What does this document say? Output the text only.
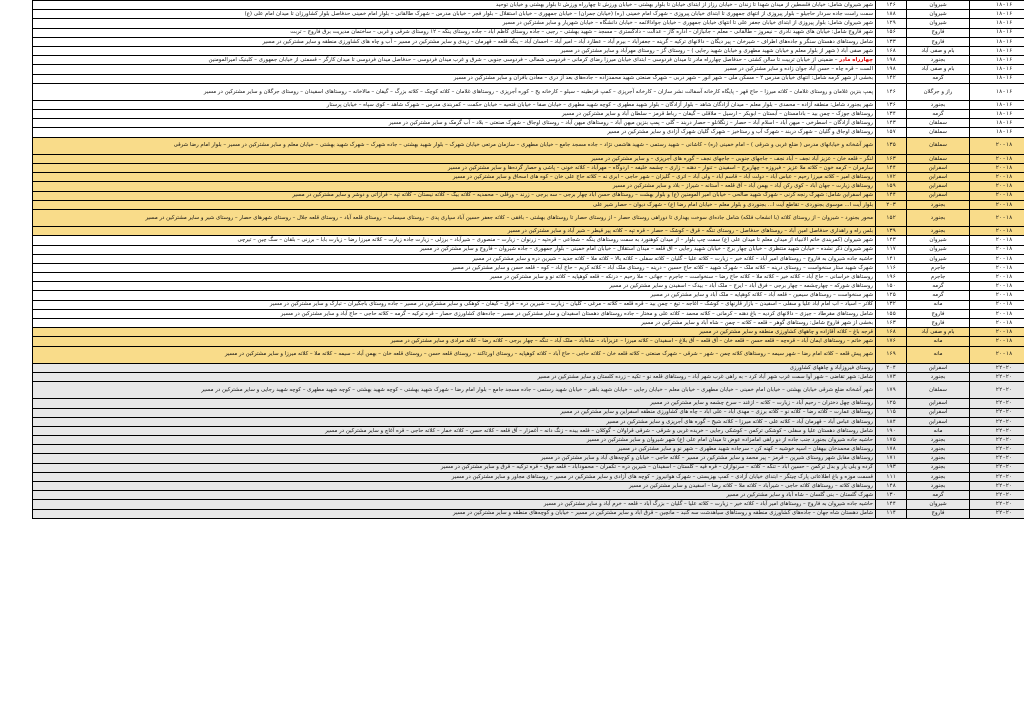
۱۸-۱۶	شیروان	۱۴۶	شهر شیروان شامل: خیابان فلسطین از میدان شهدا تا زندان – خیابان رزاز از ابتدای خیابان تا بلوار بهشتی – خیابان ورزش تا چهارراه ورزش تا بلوار بهشتی و خیابان توحید
۱۸-۱۶	شیروان	۱۸۸	سمت راست جاده سردار حاجیلو – بلوار پیروزی از انتهای جمهوری تا ابتدای خیابان پیروزی – شهرک امام خمینی (ره) (خیابان جمران) – خیابان جمهوری – خیابان استقلال – بلوار فجر – خیابان مدرس – شهرک طالقانی – بلوار امام خمینی حدفاصل بلوار کشاورزان تا میدان امام علی (ع)
۱۸-۱۶	شیروان	۱۲۹	شهر شیروان شامل: بلوار پیروزی از ابتدای خیابان جعفر علی تا انتهای خیابان جمهوری – خیابان جوادالائمه – خیابان دانشگاه – خیابان شهریار و سایر مشترکین در مسیر
۱۸-۱۶	فاروج	۱۵۶	شهر فاروج شامل: خیابان های شهید نادری – نیمروز – طالقانی – معلم – جانبازان – اداره گاز – عدالت – دادگستری – مسجد – شهید بهشتی – رجبی – جاده روستای کاظم آباد – جاده روستای ینگه – ۱۲ روستای شرقی و غربی – ساختمان مدیریت برق فاروج – تربت
۱۸-۱۶	فاروج	۱۳۳	شامل روستاهای دهستان سنگر و جاده‌های اطراف – شیرخان – پیر دیگان – دالانهای ترکیه – گرینه – جعفرآباد – بیرم آباد – عطارد آباد – امیر آباد – احسان آباد – ینگه قلعه – قهرمان – زیدی و سایر مشترکین در مسیر – آب و چاه های کشاورزی منطقه و سایر مشترکین در مسیر
۱۸-۱۶	بام و صفی آباد	۱۶۸	شهر صفی آباد ( شهر از بلوار معلم و خیابان شهید مطهری و خیابان شهید رجایی ) – روستای گز – روستای مهرآباد و سایر مشترکین در مسیر
۱۸-۱۶	بجنورد	۱۹۸	چهارراه مادر – ضمینی از خیابان تربیت تا سالن کشتی – حدفاصل چهارراه مادر تا میدان فردوسی – ابتدای خیابان میرزا رضای کرمانی – فردوسی شمالی – فردوسی جنوبی – شرق و غرب میدان فردوسی – حدفاصل میدان فردوسی تا میدان کارگر – قسمتی از خیابان جمهوری – کلینیک امیرالمومنین
۱۸-۱۶	بام و صفی آباد	۱۹۸	الست – قره چاه – حسن آباد جوان زاده و سایر مشترکین در مسیر
۱۸-۱۶	گرمه	۱۴۲	بخشی از شهر گرمه شامل: انتهای خیابان مدرس ۲ – مسکن ملی – شهر انور – شهر دربی – شهرک صنعتی شهید محمدزاده – جاده‌های بعد از دری – معادن بافران و سایر مشترکین در مسیر
۱۸-۱۶	راز و جرگلان	۱۴۶	پمپ بنزین غلامان و روستای غلامان – کلاته میرزا – حاج قهر – پایگاه کارخانه آسفالت نشر سازان – کارخانه آجرپزی – کمپ قرنطینه – سیلو – کارخانه یخ – کوره آجرپزی – روستاهای غلامان – کلاته کوچک – کلاته بزرگ – گیفان – مالاخانه – روستاهای اسفیدان – روستای جرگلان و سایر مشترکین در مسیر
۱۸-۱۶	بجنورد	۱۳۶	شهر بجنورد شامل: منطقه آزاده – محمدی – بلوار معلم – میدان آزادگان شاهد – بلوار آزادگان – بلوار شهید مطهری – کوچه شهید مطهری – خیابان صفا – خیابان فتحیه – خیابان حکمت – کمربندی مدرس – شهرک شاهد – کوی سپاه – خیابان پرستار
۱۸-۱۶	گرمه	۱۳۴	روستاهای جوزک – چمن بید – بادامستان – آبستان – ابوبکر – ارسیل – ملاقلی – گیفان – رباط قرمز – سلطان آباد و سایر مشترکین در مسیر
۱۸-۱۶	سملقان	۱۴۳	روستاهای آزادگان – اسطرخی – میهن آباد – اسلام آباد – حصار – زنگلانلو – حصار دربند – گلی – پمپ بنزین میهن آباد – روستاهای میهن آباد – روستای اوجاق – شهرک صنعتی – بلاد – آب گرمک و سایر مشترکین در مسیر
۱۸-۱۶	سملقان	۱۵۷	روستاهای اوجاق و گلیان – شهرک دربند – شهرک آب و رستاخیز – شهرک گلیان شهرک آزادی و سایر مشترکین در مسیر
۲۰-۱۸	سملقان	۱۳۵	شهر آشخانه و خیابانهای مدرس ( ضلع غربی و شرقی ) – امام خمینی (ره) – کاشانی – شهید رستمی – شهید هاشمی نژاد – جاده مسجد جامع – خیابان مطهری – سازمان مرتعی خیابان شهرک – بلوار شهید بهشتی – جاده شهرک – شهرک شهید بهشتی – خیابان معلم و سایر مشترکین در مسیر – بلوار امام رضا شرقی
۲۰-۱۸	سملقان	۱۶۳	لنگر – قلعه خان – عزیز آباد نجف – آباد نجف – جاجهای جنوبی – جاجهای نجف – گوره های آجرپزی – و سایر مشترکین در مسیر
۲۰-۱۸	اسفراین	۱۴۴	سارمران – کرمه خون – کلاته ملا عزیز – فیروزه – چهاربرج – اسفیدن – تنوار – دهنه – زاری – چشمه خلیفه – اردوگاه – مهرآباد – کلاته خونی – پاشی و حصار گرده‌ها و سایر مشترکین در مسیر
۲۰-۱۸	اسفراین	۱۷۲	روستاهای امیر – کلاته میرزا رحیم – عباس آباد – دولت آباد – قاسم آباد – ولی آباد – اتری – گلیزان – شهر حاجی – ابری نه – کلاته حاج علی خان – کوه های اسحاق و سایر مشترکین در مسیر
۲۰-۱۸	اسفراین	۱۵۹	روستاهای زیارت – جهان آباد – کوی رکن آباد – بهمن آباد – آق قلعه – آستانه – شیراز – بلاد و سایر مشترکین در مسیر
۲۰-۱۸	اسفراین	۱۴۴	شهر اسفراین شامل: شهرک رنجه کرنی – شهرک شهید صالحی – خیابان امیر المومنین (ع) و بلوار بهشت – روستاهای حسن آباد چهار برجی – سه برجی – زرند – ورقلی – محمدیه – کلاته بیگ – کلاته نیستان – کلاته تپه – فرازاتی و دوشر و سایر مشترکین در مسیر
۲۰-۱۸	بجنورد	۲۰۳	بلوار آیت ا... موسوی بجنوردی – تقاطع آیت ا... بجنوردی و بلوار معلم – خیابان امام رضا (ع) – شهرک دیوان – حصار شیر علی
۲۰-۱۸	بجنورد	۱۵۲	محور بجنورد – شیروان – از روستای کلاته (با انشعاب فلکه) شامل جاده‌ای سوخت بهداری تا دوراهی روستای حصار – از روستای حصار تا روستاهای بهشتی – بافقی – کلاته جعفر حسین آباد سپاری پدی – روستای سیساب – روستای قلعه آباد – روستای قلعه جلال – روستای شهرهای حصار – روستای شیر و سایر مشترکین در مسیر
۲۰-۱۸	بجنورد	۱۳۹	بلس راه و راهداری حدفاصل امین آباد – روستاهای حدفاصل – روستای تنگه – قرق – کوشک – حصار – قره تپه – کلاته پیر قیطر – شیر آباد و سایر مشترکین در مسیر
۲۰-۱۸	شیروان	۱۴۳	شهر شیروان (کمربندی خاتم الانبیاء از میدان معلم تا میدان علی (ع) سمت چپ بلوار – از میدان کوهنورد به سمت روستاهای ینگه – شجاعی – قره‌تپه – زرنوان – زیارت – منصوری – شیرآباد – برزلی – زیارت جاده زیارت – کلاته میرزا رضا – زیارت بابا – برزنی – بلقان – سگ چین – تیرچی
۲۰-۱۸	شیروان	۱۱۷	شهر شیروان ذکر نشده – خیابان شهید منتظری – خیابان چهار برج – خیابان شهید رجایی – آق قلعه – میدان استقلال – خیابان امام خمینی – بلوار جمهوری – جاده شیروان – فاروج و سایر مشترکین در مسیر
۲۰-۱۸	شیروان	۱۴۱	حاشیه جاده شیروان به فاروج – روستاهای امیر آباد – کلاته خیر – زیارت – کلاته علیا – گلیان – کلاته سفلی – کلاته بالا – کلاته ملا – کلاته جدید – شیرین دره و سایر مشترکین در مسیر
۲۰-۱۸	جاجرم	۱۱۶	شهرک شهید ستار سنخواست – روستای درینه – کلاته ملک – شهرک شهید – کلاته حاج حسین – درینه – روستای ملک آباد – کلاته کریم – حاج آباد – کوه – قلعه حسن و سایر مشترکین در مسیر
۲۰-۱۸	جاجرم	۱۹۶	روستاهای خراسانی – حاج آباد – کلاته خیر – کلاته ملا – کلاته حاج رضا – سنخواست – جاجرم – جهانی – ملا رحیم – درنکه – قلعه کوهپایه – کلاته نو و سایر مشترکین در مسیر
۲۰-۱۸	گرمه	۱۵۰	روستاهای شورکه – چهارچشمه – چهار برجی – فرق آباد – ایرج – ملک آباد – بیدک – اسفیدن و سایر مشترکین در مسیر
۲۰-۱۸	گرمه	۱۲۵	شهر سنخواست – روستاهای سیمین – قلعه آباد – کلاته کوهپایه – ملک آباد و سایر مشترکین در مسیر
۲۰-۱۸	مانه	۱۳۲	کلاتر – اسیاد – آب امام آباد علیا و سفلی – اسفیدن – بازار قارنهای – کوشک – آغاجه – تیغ – چمن بید – قره قلعه – کلاته – مرغی – گلیان – زیارت – شیرین دره – قرق – گیفان – کوهکی و سایر مشترکین در مسیر – جاده روستای باجگیران – تبارک و سایر مشترکین در مسیر
۲۰-۱۸	فاروج	۱۵۵	شامل روستاهای مقرطاد – جیزی – دالانهای کردیه – باغ دهنه – کرمانی – کلاته محمد – کلاته علی و مختار – جاده روستاهای دهستان اسفیدان و سایر مشترکین در مسیر – جاده‌های کشاورزی حصار – قره ترکیه – گرمه – کلاته حاجی – حاج آباد و سایر مشترکین در مسیر
۲۰-۱۸	فاروج	۱۶۳	بخشی از شهر فاروج شامل: روستاهای گوهر – قلعه – کلاته – چمن – شاه آباد و سایر مشترکین در مسیر
۲۰-۱۸	بام و صفی آباد	۱۶۸	قرجه باغ – کلاته آقازاده و چاههای کشاورزی منطقه و سایر مشترکین در مسیر
۲۰-۱۸	مانه	۱۷۶	شهر خاتم – روستاهای ایمان آباد – قره‌چه – قلعه حسن – قلعه خان – آق قلعه – آق بلاغ – اسفیدان – کلاته میرزا – عزیزآباد – شاه‌آباد – ملک آباد – تنگه – چهار برجی – کلاته رضا – کلاته مرادی و سایر مشترکین در مسیر
۲۰-۱۸	مانه	۱۶۹	شهر پیش قلعه – کلاته امام رضا – شهر سیمه – روستاهای کلاته چمن – شهر – شرقی – شهرک صنعتی – کلاته قلعه خان – کلاته حاجی – حاج آباد – کلاته کوهپایه – روستای اورتاکند – روستای قلعه حسن – روستای قلعه خان – بهمن آباد – سیمه – کلاته ملا – کلاته میرزا و سایر مشترکین در مسیر
۲۲-۲۰	اسفراین	۲۰۴	روستای فیروزآباد و چاههای کشاورزی
۲۲-۲۰	بجنورد	۱۷۳	شامل: شهر تقاضی – شهر آوا سمت غرب شهر آباد کرد – به راهی غرب شهر آباد – روستاهای قلعه نو – تکیه – زرده کلستان و سایر مشترکین در مسیر
۲۲-۲۰	سملقان	۱۷۹	شهر آشخانه ضلع شرقی خیابان بهشتی – خیابان امام خمینی – خیابان مطهری – خیابان معلم – خیابان رجایی – خیابان شهید باهنر – خیابان شهید رستمی – جاده مسجد جامع – بلوار امام رضا – شهرک شهید بهشتی – کوچه شهید بهشتی – کوچه شهید مطهری – کوچه شهید رجایی و سایر مشترکین در مسیر
۲۲-۲۰	اسفراین	۱۲۵	روستاهای چهل دختران – رحیم آباد – زیارت – کلاته – ازغند – سرخ چشمه و سایر مشترکین در مسیر
۲۲-۲۰	اسفراین	۱۱۵	روستاهای عمارت – کلاته رضا – کلاته نو – کلاته برزی – مهدی آباد – علی آباد – چاه های کشاورزی منطقه اسفراین و سایر مشترکین در مسیر
۲۲-۲۰	اسفراین	۱۸۴	روستاهای عباس آباد – قهرمان آباد – کلاته علی – کلاته میرزا – کلاته شیخ – گوره های آجرپزی و سایر مشترکین در مسیر
۲۲-۲۰	مانه	۱۹۰	شامل روستاهای دهستان علیا و سفلی – کوشکی ترکمن – کوشکی رجایی – خریده غربی و شرقی – شرقی قراولان – گوکلان – قلعه بیده – زنگ دانه – آغمزار – آق قلعه – کلاته حسن – کلاته خمار – کلاته حاجی – قره آغاچ و سایر مشترکین در مسیر
۲۲-۲۰	بجنورد	۱۷۵	حاشیه جاده شیروان بجنورد جنب جاده از دو راهی امامزاده عوض تا میدان امام علی (ع) شهر شیروان و سایر مشترکین در مسیر
۲۲-۲۰	بجنورد	۱۷۸	روستاهای محمدخان بیهقان – اسپه خوشیه – کهنه کن – سرجاده شهید مطهری – شهر نو و سایر مشترکین در مسیر
۲۲-۲۰	بجنورد	۱۷۱	روستاهای مقابل شهر روستای شیرین – قرمز – پیر محمد و سایر مشترکین در مسیر – کلاته حاجی – خیابان و کوچه‌های آباد و سایر مشترکین در مسیر
۲۲-۲۰	بجنورد	۱۹۳	گرده و یلی یار و بدل ترکمن – حسین آباد – تنگه – کلاته – سرنوازان – قره قیه – گلستان – اسفیدان – شیرین دره – تکمران – محمودآباد – قلعه جوق – قره ترکیه – قرق و سایر مشترکین در مسیر
۲۲-۲۰	بجنورد	۱۱۱	قسمت موزه و باغ اطلاعاتی پارک چیتگر – ابتدای خیابان آزادی – کمپ بهزیستی – شهرک هوانیروز – کوچه های آزادی و سایر مشترکین در مسیر – روستاهای مجاور و سایر مشترکین در مسیر
۲۲-۲۰	بجنورد	۱۴۸	روستاهای کلاته – روستاهای کلاته حاجی – شیرآباد – کلاته ملا – کلاته رضا – اسفیدن و سایر مشترکین در مسیر
۲۲-۲۰	گرمه	۱۳۰	شهرک گلستان – بنی گلسان – شاه آباد و سایر مشترکین در مسیر
۲۲-۲۰	شیروان	۱۴۴	حاشیه جاده شیروان به فاروج – روستاهای امیر آباد – کلاته خیر – زیارت – کلاته علیا – گلیان – بزرگ آباد – قلعه – خرم آباد و سایر مشترکین در مسیر
۲۲-۲۰	فاروج	۱۱۴	شامل دهستان شاه جهان – جاده‌های کشاورزی منطقه و روستاهای سیاهدشت سه گنبد – مانچین – قرق آباد و سایر مشترکین در مسیر – خیابان و کوچه‌های منطقه و سایر مشترکین در مسیر
